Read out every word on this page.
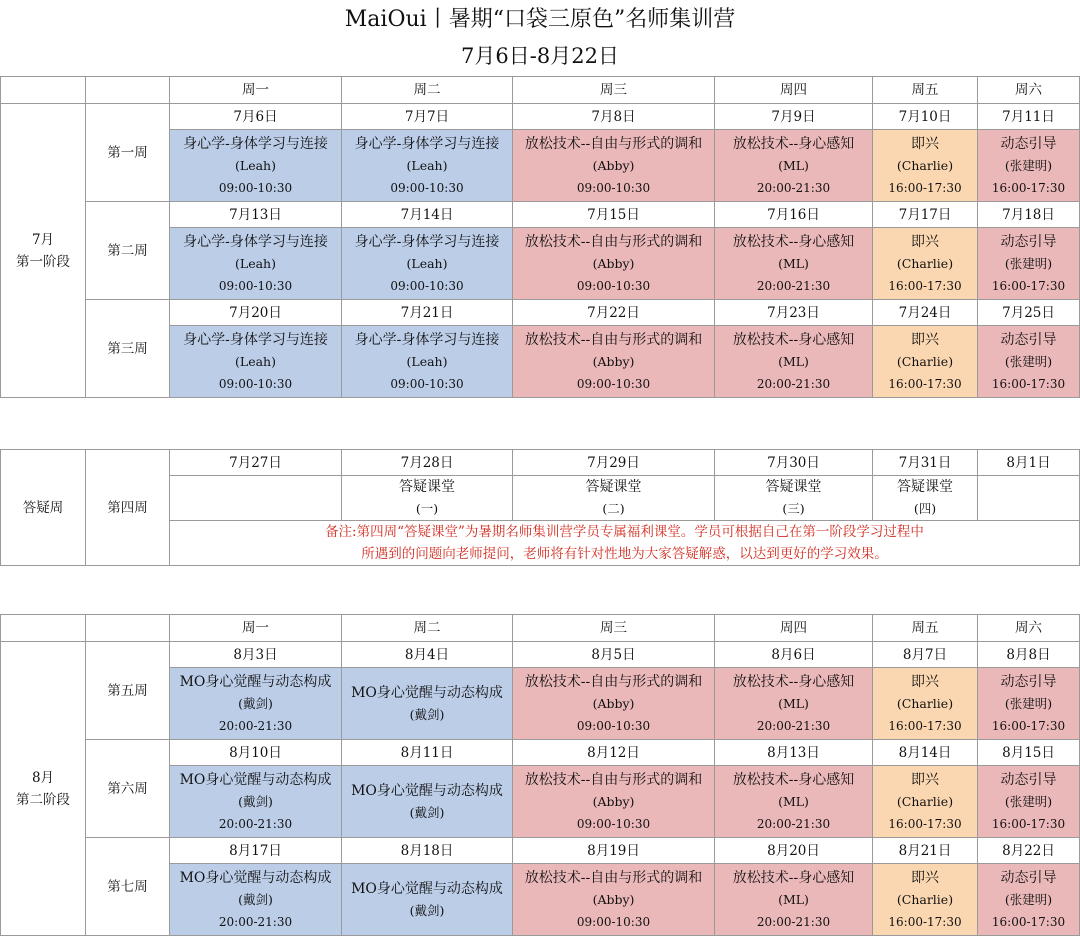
MaiOui丨暑期“口袋三原色”名师集训营
7月6日-8月22日
		周一	周二	周三	周四	周五	周六

7月
第一阶段	第一周	7月6日	7月7日	7月8日	7月9日	7月10日	7月11日

		身心学-身体学习与连接
(Leah)
09:00-10:30	身心学-身体学习与连接
(Leah)
09:00-10:30	放松技术--自由与形式的调和
(Abby)
09:00-10:30	放松技术--身心感知
(ML)
20:00-21:30	即兴
(Charlie)
16:00-17:30	动态引导
(张建明)
16:00-17:30

	第二周	7月13日	7月14日	7月15日	7月16日	7月17日	7月18日

		身心学-身体学习与连接
(Leah)
09:00-10:30	身心学-身体学习与连接
(Leah)
09:00-10:30	放松技术--自由与形式的调和
(Abby)
09:00-10:30	放松技术--身心感知
(ML)
20:00-21:30	即兴
(Charlie)
16:00-17:30	动态引导
(张建明)
16:00-17:30

	第三周	7月20日	7月21日	7月22日	7月23日	7月24日	7月25日

		身心学-身体学习与连接
(Leah)
09:00-10:30	身心学-身体学习与连接
(Leah)
09:00-10:30	放松技术--自由与形式的调和
(Abby)
09:00-10:30	放松技术--身心感知
(ML)
20:00-21:30	即兴
(Charlie)
16:00-17:30	动态引导
(张建明)
16:00-17:30
答疑周	第四周	7月27日	7月28日	7月29日	7月30日	7月31日	8月1日

			答疑课堂
(一)	答疑课堂
(二)	答疑课堂
(三)	答疑课堂
(四)	

		备注:第四周“答疑课堂”为暑期名师集训营学员专属福利课堂。学员可根据自己在第一阶段学习过程中
所遇到的问题向老师提问，老师将有针对性地为大家答疑解惑，以达到更好的学习效果。					
		周一	周二	周三	周四	周五	周六

8月
第二阶段	第五周	8月3日	8月4日	8月5日	8月6日	8月7日	8月8日

		MO身心觉醒与动态构成
(戴剑)
20:00-21:30	MO身心觉醒与动态构成
(戴剑)	放松技术--自由与形式的调和
(Abby)
09:00-10:30	放松技术--身心感知
(ML)
20:00-21:30	即兴
(Charlie)
16:00-17:30	动态引导
(张建明)
16:00-17:30

	第六周	8月10日	8月11日	8月12日	8月13日	8月14日	8月15日

		MO身心觉醒与动态构成
(戴剑)
20:00-21:30	MO身心觉醒与动态构成
(戴剑)	放松技术--自由与形式的调和
(Abby)
09:00-10:30	放松技术--身心感知
(ML)
20:00-21:30	即兴
(Charlie)
16:00-17:30	动态引导
(张建明)
16:00-17:30

	第七周	8月17日	8月18日	8月19日	8月20日	8月21日	8月22日

		MO身心觉醒与动态构成
(戴剑)
20:00-21:30	MO身心觉醒与动态构成
(戴剑)	放松技术--自由与形式的调和
(Abby)
09:00-10:30	放松技术--身心感知
(ML)
20:00-21:30	即兴
(Charlie)
16:00-17:30	动态引导
(张建明)
16:00-17:30
